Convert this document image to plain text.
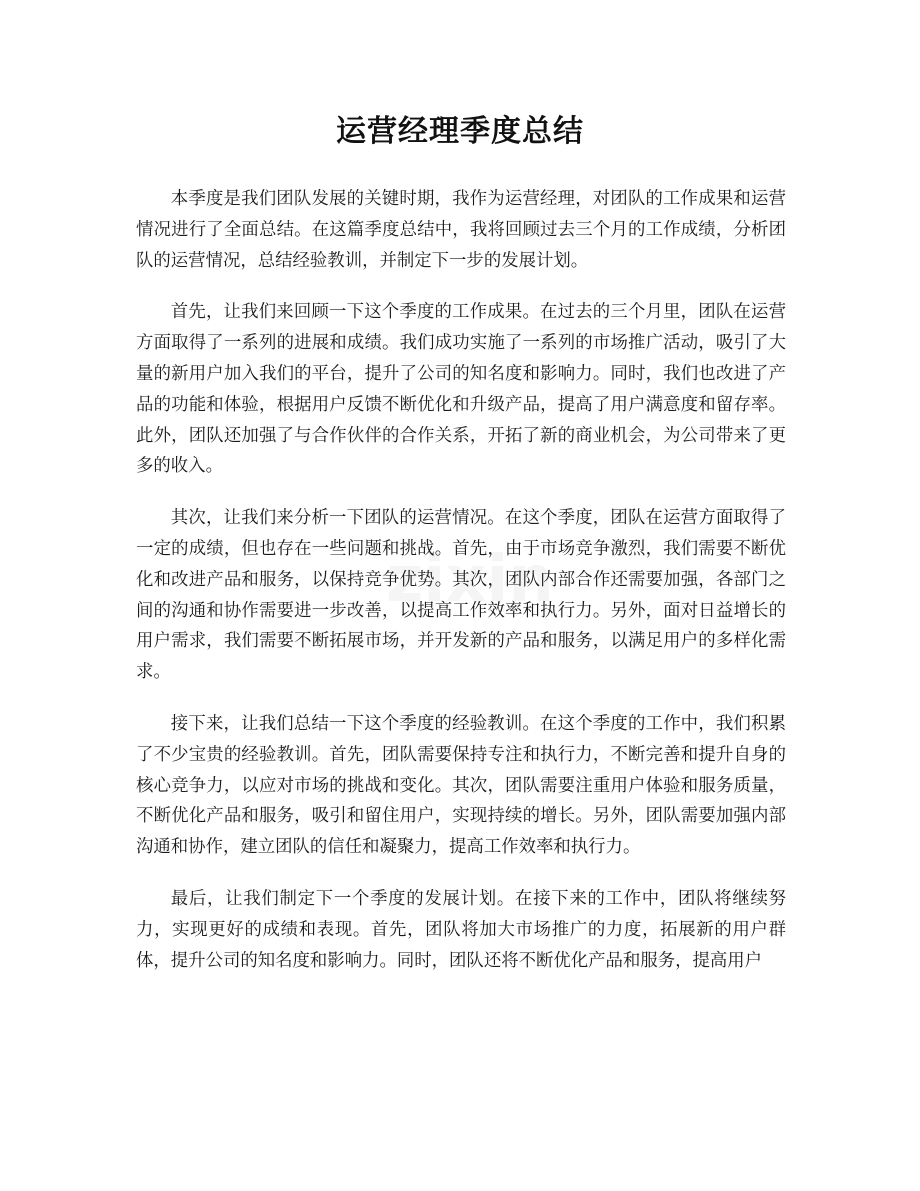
zixin
运营经理季度总结

本季度是我们团队发展的关键时期，我作为运营经理，对团队的工作成果和运营情况进行了全面总结。在这篇季度总结中，我将回顾过去三个月的工作成绩，分析团队的运营情况，总结经验教训，并制定下一步的发展计划。

首先，让我们来回顾一下这个季度的工作成果。在过去的三个月里，团队在运营方面取得了一系列的进展和成绩。我们成功实施了一系列的市场推广活动，吸引了大量的新用户加入我们的平台，提升了公司的知名度和影响力。同时，我们也改进了产品的功能和体验，根据用户反馈不断优化和升级产品，提高了用户满意度和留存率。此外，团队还加强了与合作伙伴的合作关系，开拓了新的商业机会，为公司带来了更多的收入。

其次，让我们来分析一下团队的运营情况。在这个季度，团队在运营方面取得了一定的成绩，但也存在一些问题和挑战。首先，由于市场竞争激烈，我们需要不断优化和改进产品和服务，以保持竞争优势。其次，团队内部合作还需要加强，各部门之间的沟通和协作需要进一步改善，以提高工作效率和执行力。另外，面对日益增长的用户需求，我们需要不断拓展市场，并开发新的产品和服务，以满足用户的多样化需求。

接下来，让我们总结一下这个季度的经验教训。在这个季度的工作中，我们积累了不少宝贵的经验教训。首先，团队需要保持专注和执行力，不断完善和提升自身的核心竞争力，以应对市场的挑战和变化。其次，团队需要注重用户体验和服务质量，不断优化产品和服务，吸引和留住用户，实现持续的增长。另外，团队需要加强内部沟通和协作，建立团队的信任和凝聚力，提高工作效率和执行力。

最后，让我们制定下一个季度的发展计划。在接下来的工作中，团队将继续努力，实现更好的成绩和表现。首先，团队将加大市场推广的力度，拓展新的用户群体，提升公司的知名度和影响力。同时，团队还将不断优化产品和服务，提高用户
